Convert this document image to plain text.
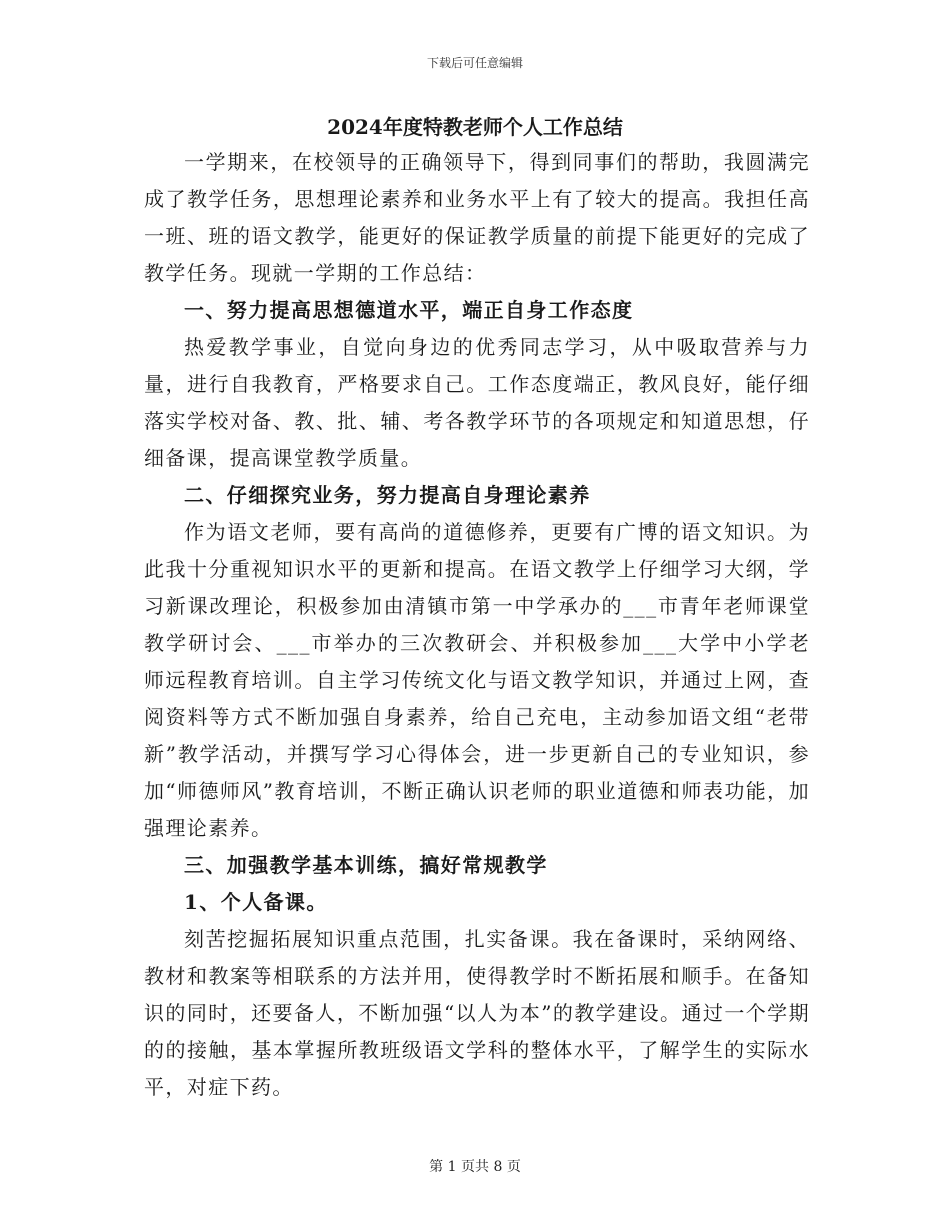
下载后可任意编辑
2024年度特教老师个人工作总结

一学期来，在校领导的正确领导下，得到同事们的帮助，我圆满完成了教学任务，思想理论素养和业务水平上有了较大的提高。我担任高一班、班的语文教学，能更好的保证教学质量的前提下能更好的完成了教学任务。现就一学期的工作总结：

一、努力提高思想德道水平，端正自身工作态度

热爱教学事业，自觉向身边的优秀同志学习，从中吸取营养与力量，进行自我教育，严格要求自己。工作态度端正，教风良好，能仔细落实学校对备、教、批、辅、考各教学环节的各项规定和知道思想，仔细备课，提高课堂教学质量。

二、仔细探究业务，努力提高自身理论素养

作为语文老师，要有高尚的道德修养，更要有广博的语文知识。为此我十分重视知识水平的更新和提高。在语文教学上仔细学习大纲，学习新课改理论，积极参加由清镇市第一中学承办的___市青年老师课堂教学研讨会、___市举办的三次教研会、并积极参加___大学中小学老师远程教育培训。自主学习传统文化与语文教学知识，并通过上网，查阅资料等方式不断加强自身素养，给自己充电，主动参加语文组“老带新”教学活动，并撰写学习心得体会，进一步更新自己的专业知识，参加“师德师风”教育培训，不断正确认识老师的职业道德和师表功能，加强理论素养。

三、加强教学基本训练，搞好常规教学

1、个人备课。

刻苦挖掘拓展知识重点范围，扎实备课。我在备课时，采纳网络、教材和教案等相联系的方法并用，使得教学时不断拓展和顺手。在备知识的同时，还要备人，不断加强“以人为本”的教学建设。通过一个学期的的接触，基本掌握所教班级语文学科的整体水平，了解学生的实际水平，对症下药。

第 1 页共 8 页
